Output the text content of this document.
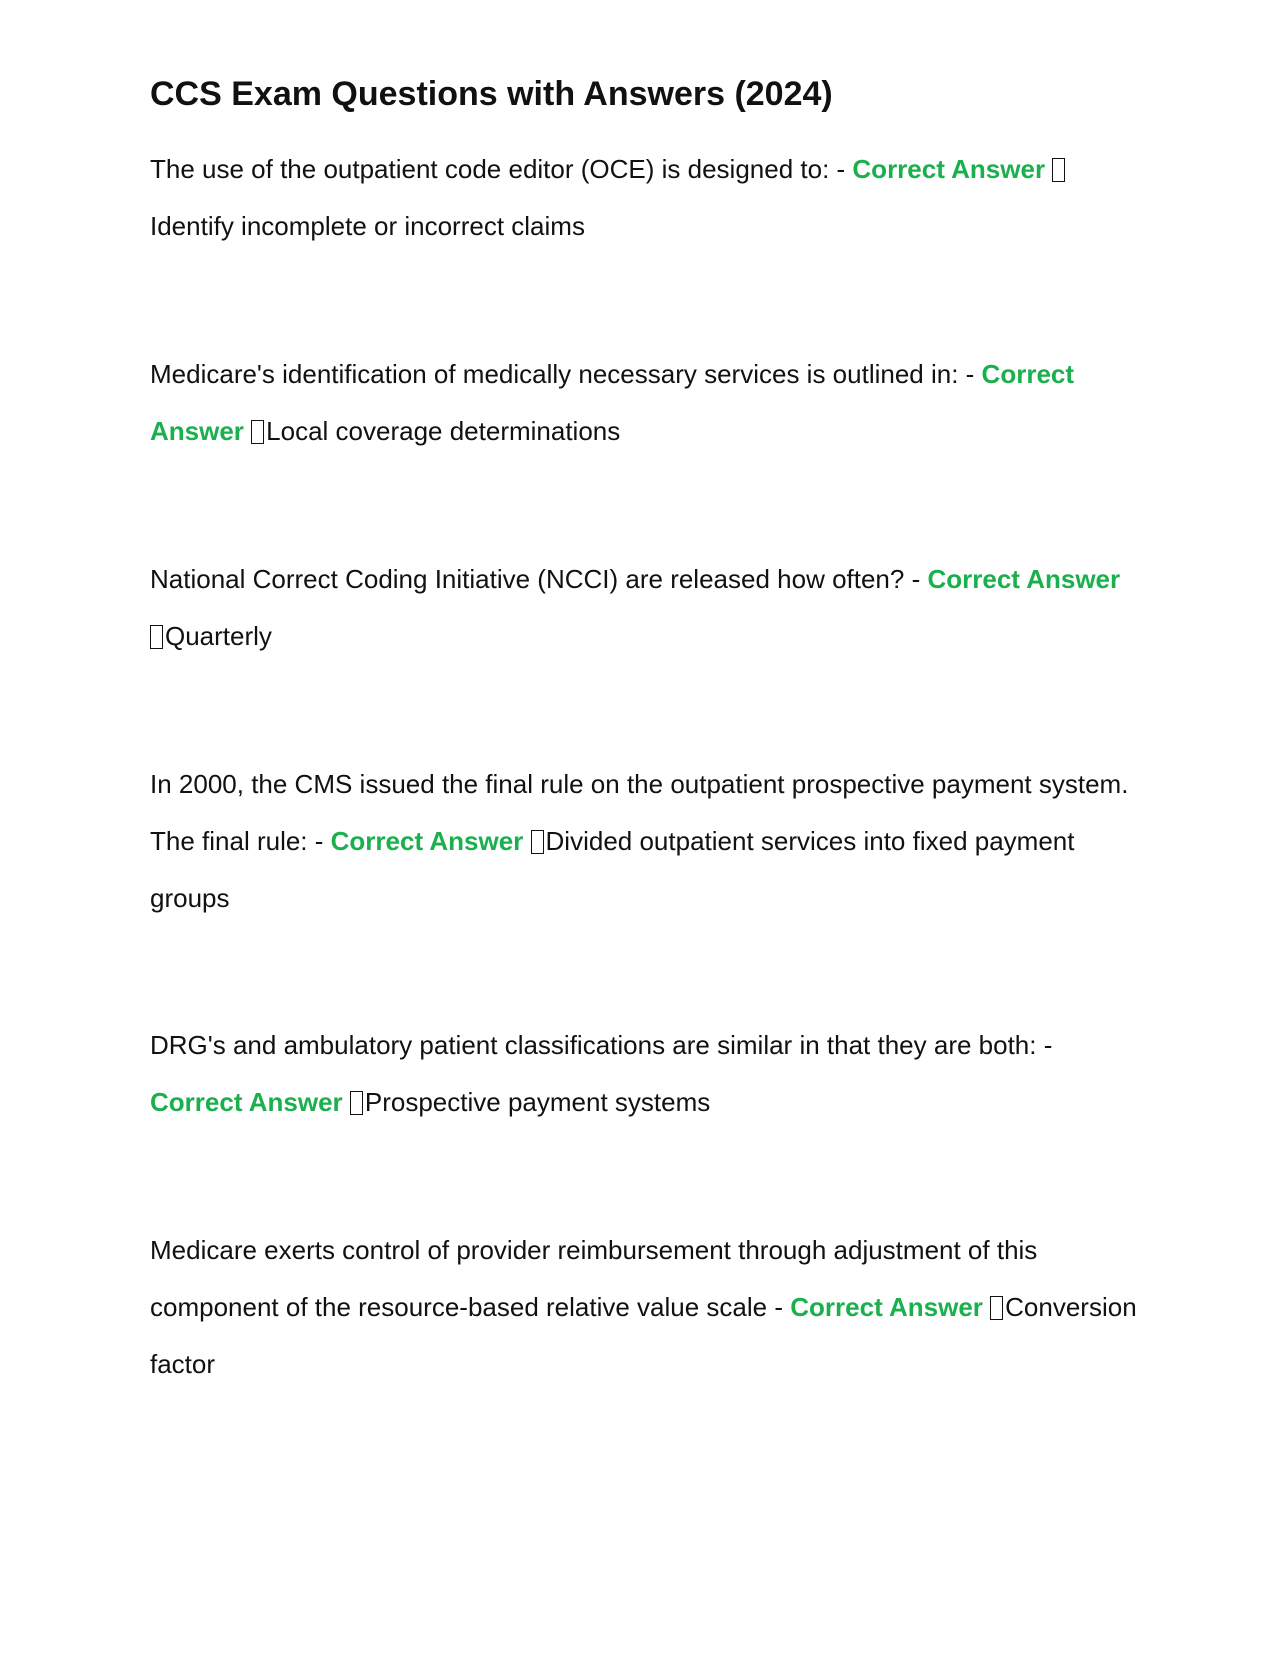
CCS Exam Questions with Answers (2024)

The use of the outpatient code editor (OCE) is designed to: - Correct Answer Identify incomplete or incorrect claims

Medicare's identification of medically necessary services is outlined in: - Correct Answer Local coverage determinations

National Correct Coding Initiative (NCCI) are released how often? - Correct Answer Quarterly

In 2000, the CMS issued the final rule on the outpatient prospective payment system. The final rule: - Correct Answer Divided outpatient services into fixed payment groups

DRG's and ambulatory patient classifications are similar in that they are both: - Correct Answer Prospective payment systems

Medicare exerts control of provider reimbursement through adjustment of this component of the resource-based relative value scale - Correct Answer Conversion factor
